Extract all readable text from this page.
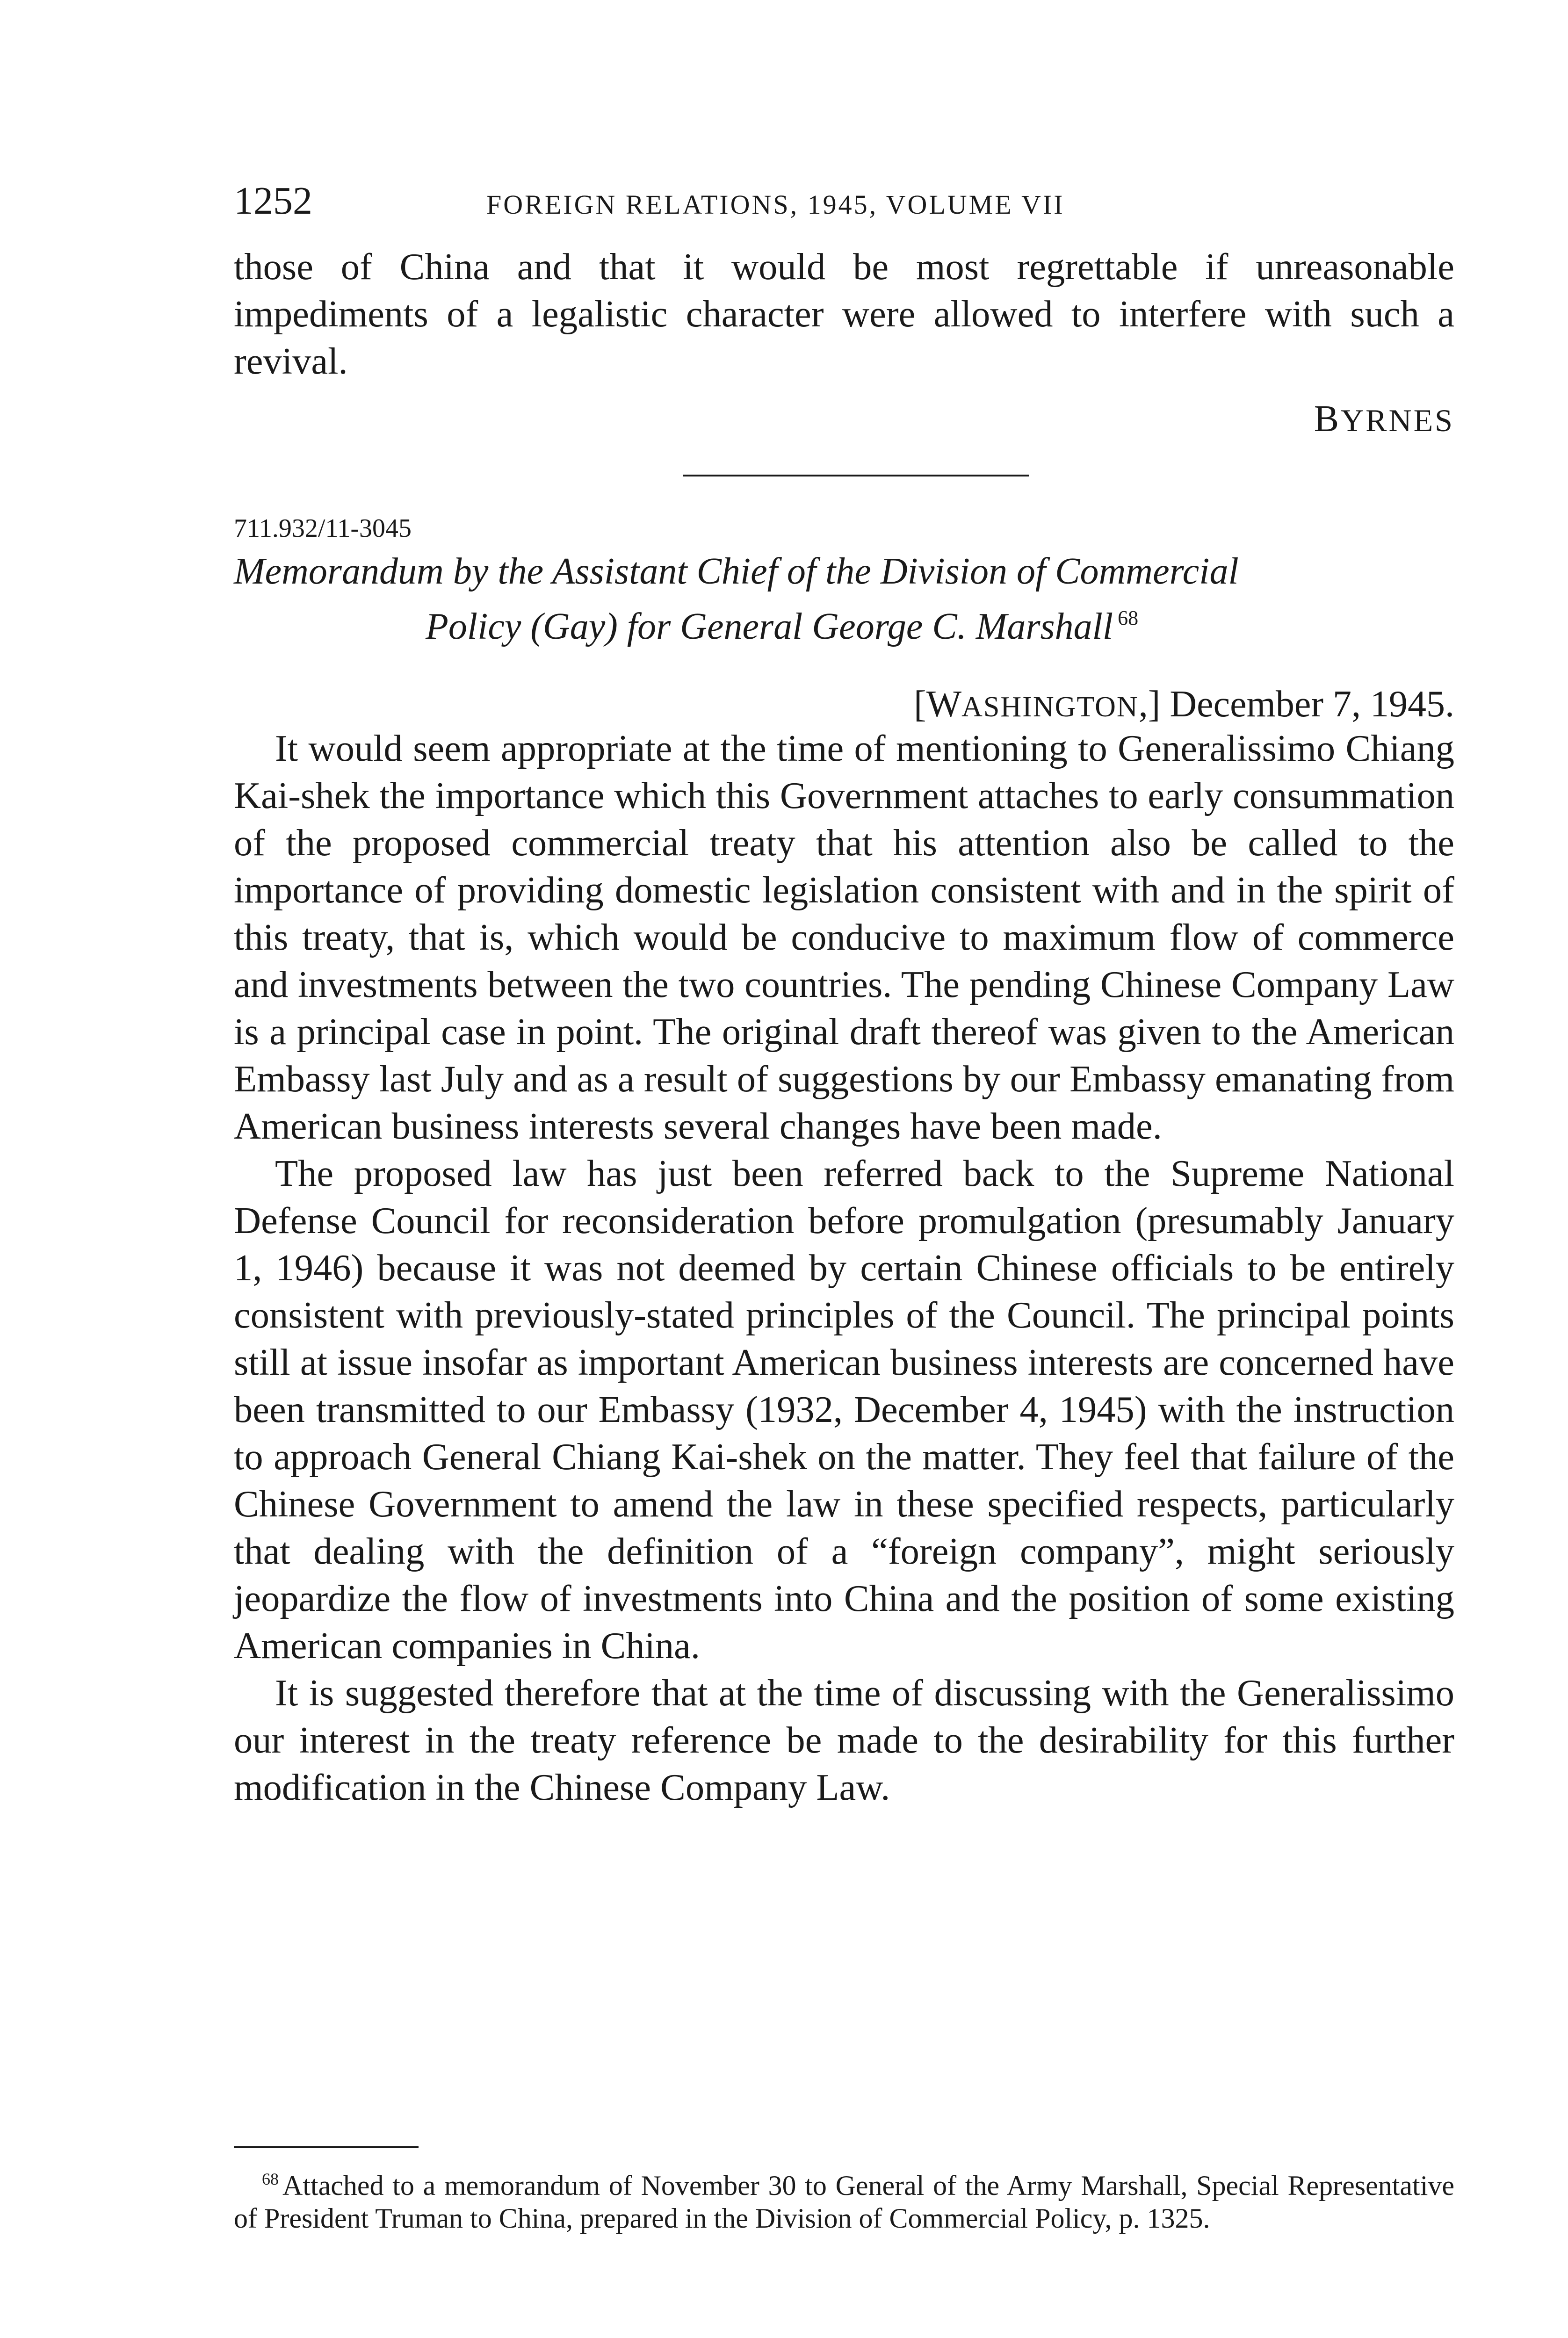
1252	FOREIGN RELATIONS, 1945, VOLUME VII

those of China and that it would be most regrettable if unreasonable impediments of a legalistic character were allowed to interfere with such a revival.

BYRNES
711.932/11-3045
Memorandum by the Assistant Chief of the Division of Commercial
Policy (Gay) for General George C. Marshall $^{68}$
[WASHINGTON,] December 7, 1945.

It would seem appropriate at the time of mentioning to Generalissimo Chiang Kai-shek the importance which this Government attaches to early consummation of the proposed commercial treaty that his attention also be called to the importance of providing domestic legislation consistent with and in the spirit of this treaty, that is, which would be conducive to maximum flow of commerce and investments between the two countries. The pending Chinese Company Law is a principal case in point. The original draft thereof was given to the American Embassy last July and as a result of suggestions by our Embassy emanating from American business interests several changes have been made.

The proposed law has just been referred back to the Supreme National Defense Council for reconsideration before promulgation (presumably January 1, 1946) because it was not deemed by certain Chinese officials to be entirely consistent with previously-stated principles of the Council. The principal points still at issue insofar as important American business interests are concerned have been transmitted to our Embassy (1932, December 4, 1945) with the instruction to approach General Chiang Kai-shek on the matter. They feel that failure of the Chinese Government to amend the law in these specified respects, particularly that dealing with the definition of a “foreign company”, might seriously jeopardize the flow of investments into China and the position of some existing American companies in China.

It is suggested therefore that at the time of discussing with the Generalissimo our interest in the treaty reference be made to the desirability for this further modification in the Chinese Company Law.

$^{68}$ Attached to a memorandum of November 30 to General of the Army Marshall, Special Representative of President Truman to China, prepared in the Division of Commercial Policy, p. 1325.
